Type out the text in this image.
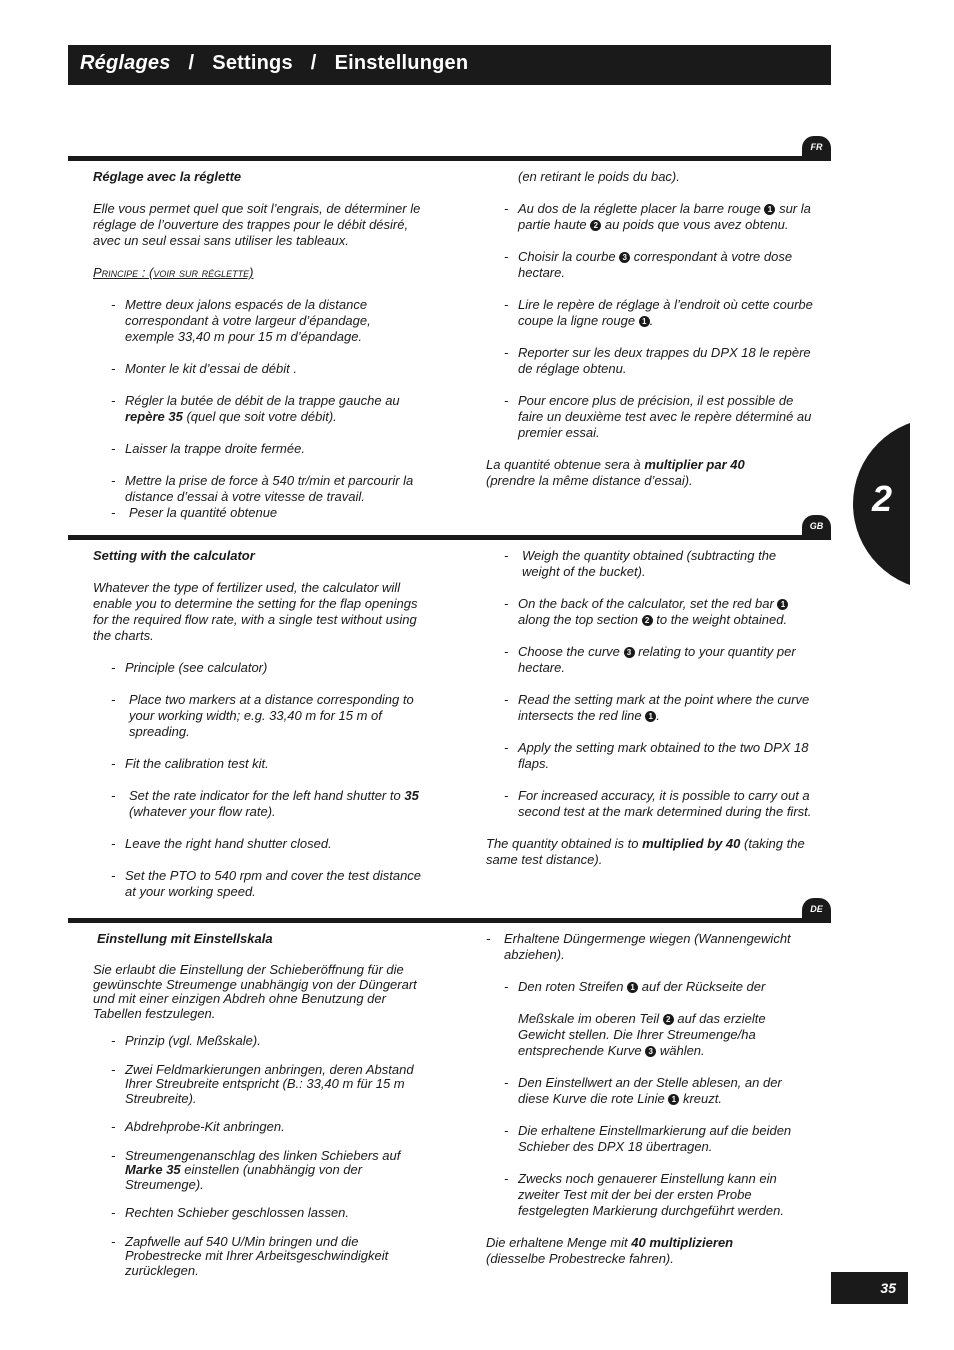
Réglages / Settings / Einstellungen
2
FR

Réglage avec la réglette

Elle vous permet quel que soit l’engrais, de déterminer le réglage de l’ouverture des trappes pour le débit désiré, avec un seul essai sans utiliser les tableaux.

Principe : (voir sur réglette)

- Mettre deux jalons espacés de la distance correspondant à votre largeur d’épandage, exemple 33,40 m pour 15 m d’épandage.
- Monter le kit d’essai de débit .
- Régler la butée de débit de la trappe gauche au repère 35 (quel que soit votre débit).
- Laisser la trappe droite fermée.
- Mettre la prise de force à 540 tr/min et parcourir la distance d’essai à votre vitesse de travail.
- Peser la quantité obtenue

(en retirant le poids du bac).

- Au dos de la réglette placer la barre rouge 1 sur la partie haute 2 au poids que vous avez obtenu.
- Choisir la courbe 3 correspondant à votre dose hectare.
- Lire le repère de réglage à l’endroit où cette courbe coupe la ligne rouge 1 .
- Reporter sur les deux trappes du DPX 18 le repère de réglage obtenu.
- Pour encore plus de précision, il est possible de faire un deuxième test avec le repère déterminé au premier essai.

La quantité obtenue sera à multiplier par 40
(prendre la même distance d’essai).

GB

Setting with the calculator

Whatever the type of fertilizer used, the calculator will enable you to determine the setting for the flap openings for the required flow rate, with a single test without using the charts.

- Principle (see calculator)
- Place two markers at a distance corresponding to your working width; e.g. 33,40 m for 15 m of spreading.
- Fit the calibration test kit.
- Set the rate indicator for the left hand shutter to 35 (whatever your flow rate).
- Leave the right hand shutter closed.
- Set the PTO to 540 rpm and cover the test distance at your working speed.
- Weigh the quantity obtained (subtracting the weight of the bucket).
- On the back of the calculator, set the red bar 1 along the top section 2 to the weight obtained.
- Choose the curve 3 relating to your quantity per hectare.
- Read the setting mark at the point where the curve intersects the red line 1 .
- Apply the setting mark obtained to the two DPX 18 flaps.
- For increased accuracy, it is possible to carry out a second test at the mark determined during the first.

The quantity obtained is to multiplied by 40 (taking the same test distance).

DE

Einstellung mit Einstellskala

Sie erlaubt die Einstellung der Schieberöffnung für die gewünschte Streumenge unabhängig von der Düngerart und mit einer einzigen Abdreh ohne Benutzung der Tabellen festzulegen.

- Prinzip (vgl. Meßskale).
- Zwei Feldmarkierungen anbringen, deren Abstand Ihrer Streubreite entspricht (B.: 33,40 m für 15 m Streubreite).
- Abdrehprobe-Kit anbringen.
- Streumengenanschlag des linken Schiebers auf Marke 35 einstellen (unabhängig von der Streumenge).
- Rechten Schieber geschlossen lassen.
- Zapfwelle auf 540 U/Min bringen und die Probestrecke mit Ihrer Arbeitsgeschwindigkeit zurücklegen.
- Erhaltene Düngermenge wiegen (Wannengewicht abziehen).
- Den roten Streifen 1 auf der Rückseite der

Meßskale im oberen Teil 2 auf das erzielte Gewicht stellen. Die Ihrer Streumenge/ha entsprechende Kurve 3 wählen.
- Den Einstellwert an der Stelle ablesen, an der diese Kurve die rote Linie 1 kreuzt.
- Die erhaltene Einstellmarkierung auf die beiden Schieber des DPX 18 übertragen.
- Zwecks noch genauerer Einstellung kann ein zweiter Test mit der bei der ersten Probe festgelegten Markierung durchgeführt werden.

Die erhaltene Menge mit 40 multiplizieren
(diesselbe Probestrecke fahren).

35
